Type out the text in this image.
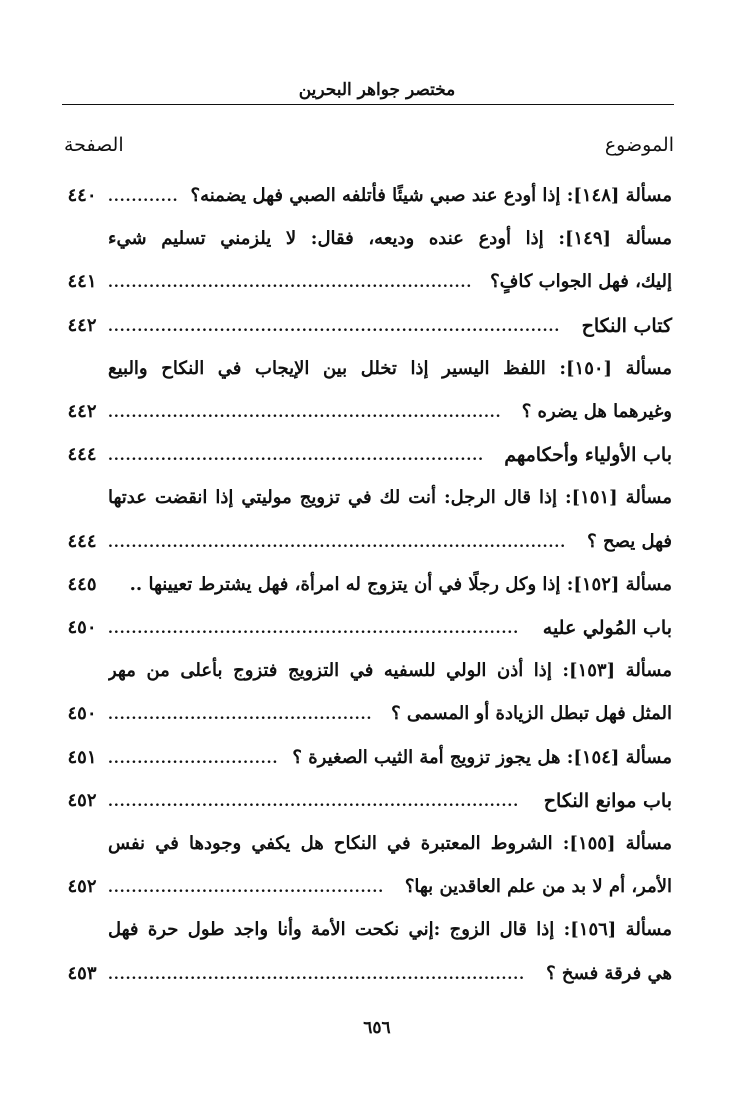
مختصر جواهر البحرين
الموضوع
الصفحة
مسألة [١٤٨]: إذا أودع عند صبي شيئًا فأتلفه الصبي فهل يضمنه؟
٤٤٠ ............
مسألة [١٤٩]: إذا أودع عنده وديعه، فقال: لا يلزمني تسليم شيء
إليك، فهل الجواب كافٍ؟
٤٤١ ..............................................................
كتاب النكاح
٤٤٢ .............................................................................
مسألة [١٥٠]: اللفظ اليسير إذا تخلل بين الإيجاب في النكاح والبيع
وغيرهما هل يضره ؟
٤٤٢ ...................................................................
باب الأولياء وأحكامهم
٤٤٤ ................................................................
مسألة [١٥١]: إذا قال الرجل: أنت لك في تزويج موليتي إذا انقضت عدتها
فهل يصح ؟
٤٤٤ ..............................................................................
مسألة [١٥٢]: إذا وكل رجلًا في أن يتزوج له امرأة، فهل يشترط تعيينها ..
٤٤٥
باب المُولي عليه
٤٥٠ ......................................................................
مسألة [١٥٣]: إذا أذن الولي للسفيه في التزويج فتزوج بأعلى من مهر
المثل فهل تبطل الزيادة أو المسمى ؟
٤٥٠ .............................................
مسألة [١٥٤]: هل يجوز تزويج أمة الثيب الصغيرة ؟
٤٥١ .............................
باب موانع النكاح
٤٥٢ ......................................................................
مسألة [١٥٥]: الشروط المعتبرة في النكاح هل يكفي وجودها في نفس
الأمر، أم لا بد من علم العاقدين بها؟
٤٥٢ ...............................................
مسألة [١٥٦]: إذا قال الزوج :إني نكحت الأمة وأنا واجد طول حرة فهل
هي فرقة فسخ ؟
٤٥٣ .......................................................................
٦٥٦
